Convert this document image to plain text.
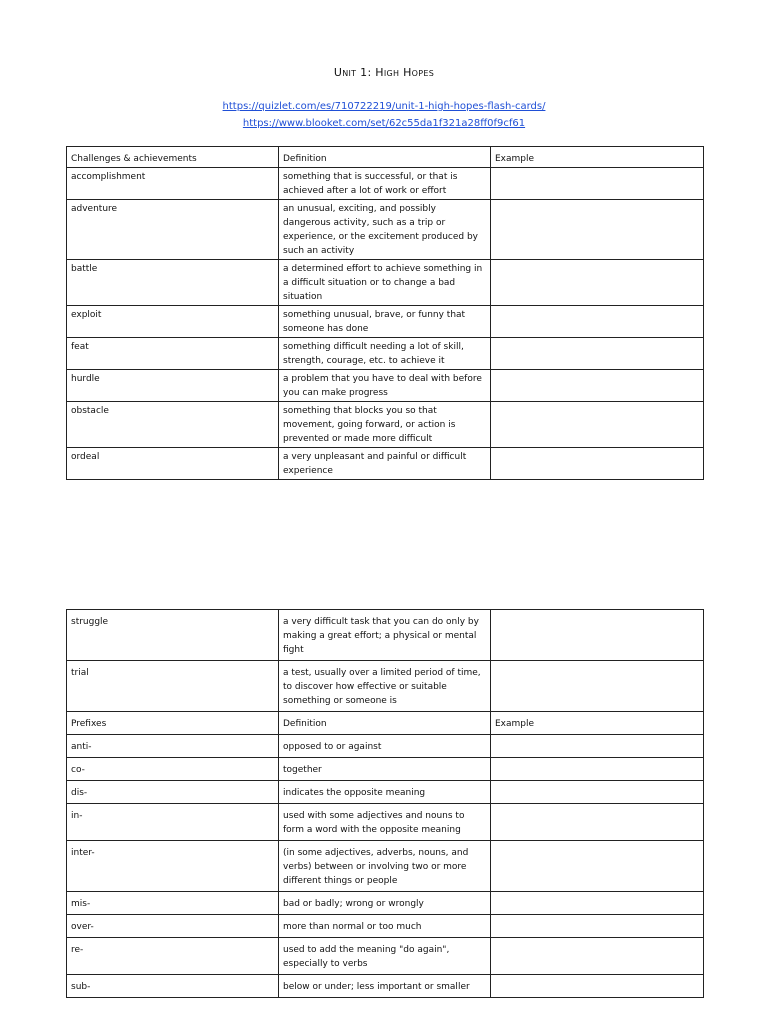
Unit 1: High Hopes
https://quizlet.com/es/710722219/unit-1-high-hopes-flash-cards/
https://www.blooket.com/set/62c55da1f321a28ff0f9cf61
Challenges & achievements	Definition	Example
accomplishment	something that is successful, or that is achieved after a lot of work or effort	
adventure	an unusual, exciting, and possibly dangerous activity, such as a trip or experience, or the excitement produced by such an activity	
battle	a determined effort to achieve something in a difficult situation or to change a bad situation	
exploit	something unusual, brave, or funny that someone has done	
feat	something difficult needing a lot of skill, strength, courage, etc. to achieve it	
hurdle	a problem that you have to deal with before you can make progress	
obstacle	something that blocks you so that movement, going forward, or action is prevented or made more difficult	
ordeal	a very unpleasant and painful or difficult experience	
struggle	a very difficult task that you can do only by making a great effort; a physical or mental fight	
trial	a test, usually over a limited period of time, to discover how effective or suitable something or someone is	
Prefixes	Definition	Example
anti-	opposed to or against	
co-	together	
dis-	indicates the opposite meaning	
in-	used with some adjectives and nouns to form a word with the opposite meaning	
inter-	(in some adjectives, adverbs, nouns, and verbs) between or involving two or more different things or people	
mis-	bad or badly; wrong or wrongly	
over-	more than normal or too much	
re-	used to add the meaning "do again", especially to verbs	
sub-	below or under; less important or smaller	
